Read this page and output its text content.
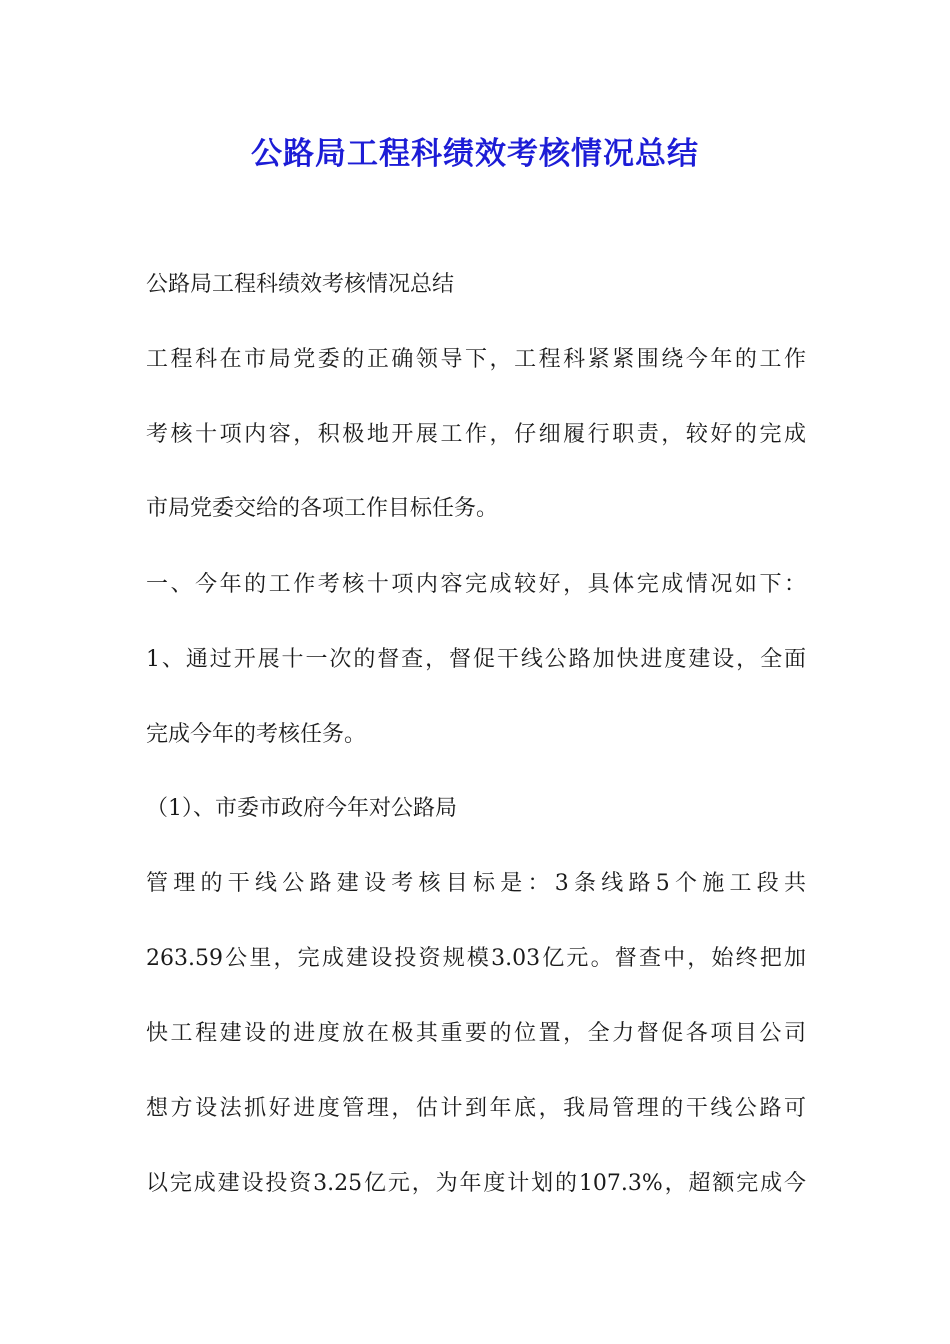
公路局工程科绩效考核情况总结
公路局工程科绩效考核情况总结
工程科在市局党委的正确领导下，工程科紧紧围绕今年的工作
考核十项内容，积极地开展工作，仔细履行职责，较好的完成
市局党委交给的各项工作目标任务。
一、今年的工作考核十项内容完成较好，具体完成情况如下：
1、通过开展十一次的督查，督促干线公路加快进度建设，全面
完成今年的考核任务。
（1）、市委市政府今年对公路局
管理的干线公路建设考核目标是：3条线路5个施工段共
263.59公里，完成建设投资规模3.03亿元。督查中，始终把加
快工程建设的进度放在极其重要的位置，全力督促各项目公司
想方设法抓好进度管理，估计到年底，我局管理的干线公路可
以完成建设投资3.25亿元，为年度计划的107.3%，超额完成今
